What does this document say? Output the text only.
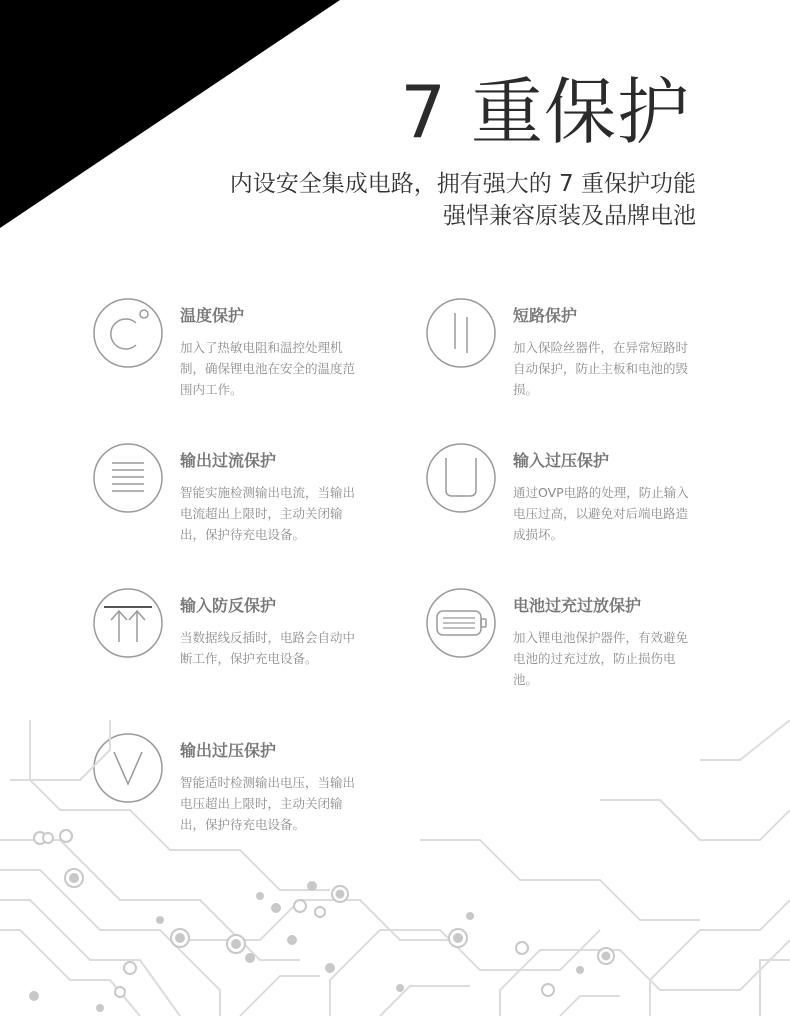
7 重保护
内设安全集成电路，拥有强大的 7 重保护功能
强悍兼容原装及品牌电池
温度保护
加入了热敏电阻和温控处理机制，确保锂电池在安全的温度范围内工作。
短路保护
加入保险丝器件，在异常短路时自动保护，防止主板和电池的毁损。
输出过流保护
智能实施检测输出电流，当输出电流超出上限时，主动关闭输出，保护待充电设备。
输入过压保护
通过OVP电路的处理，防止输入电压过高，以避免对后端电路造成损坏。
输入防反保护
当数据线反插时，电路会自动中断工作，保护充电设备。
电池过充过放保护
加入锂电池保护器件，有效避免电池的过充过放，防止损伤电池。
输出过压保护
智能适时检测输出电压，当输出电压超出上限时，主动关闭输出，保护待充电设备。
